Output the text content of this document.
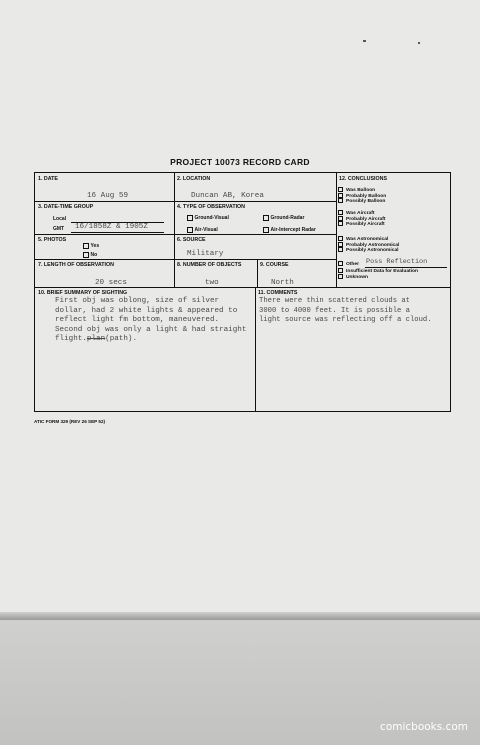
PROJECT 10073 RECORD CARD
1. DATE
16 Aug 59
2. LOCATION
Duncan AB, Korea
3. DATE-TIME GROUP
Local
GMT 16/1858Z & 1905Z
4. TYPE OF OBSERVATION
Ground-Visual	Ground-Radar
Air-Visual	Air-Intercept Radar
5. PHOTOS
Yes
No
6. SOURCE
Military
7. LENGTH OF OBSERVATION
20 secs
8. NUMBER OF OBJECTS
two
9. COURSE
North
10. BRIEF SUMMARY OF SIGHTING
First obj was oblong, size of silver
dollar, had 2 white lights & appeared to
reflect light fm bottom, maneuvered.
Second obj was only a light & had straight
flight.plan(path).
11. COMMENTS
There were thin scattered clouds at
3000 to 4000 feet. It is possible a
light source was reflecting off a cloud.
12. CONCLUSIONS
Was Balloon
Probably Balloon
Possibly Balloon
Was Aircraft
Probably Aircraft
Possibly Aircraft
Was Astronomical
Probably Astronomical
Possibly Astronomical
Other Poss Reflection
Insufficient Data for Evaluation
Unknown
ATIC FORM 329 (REV 26 SEP 52)
comicbooks.com
